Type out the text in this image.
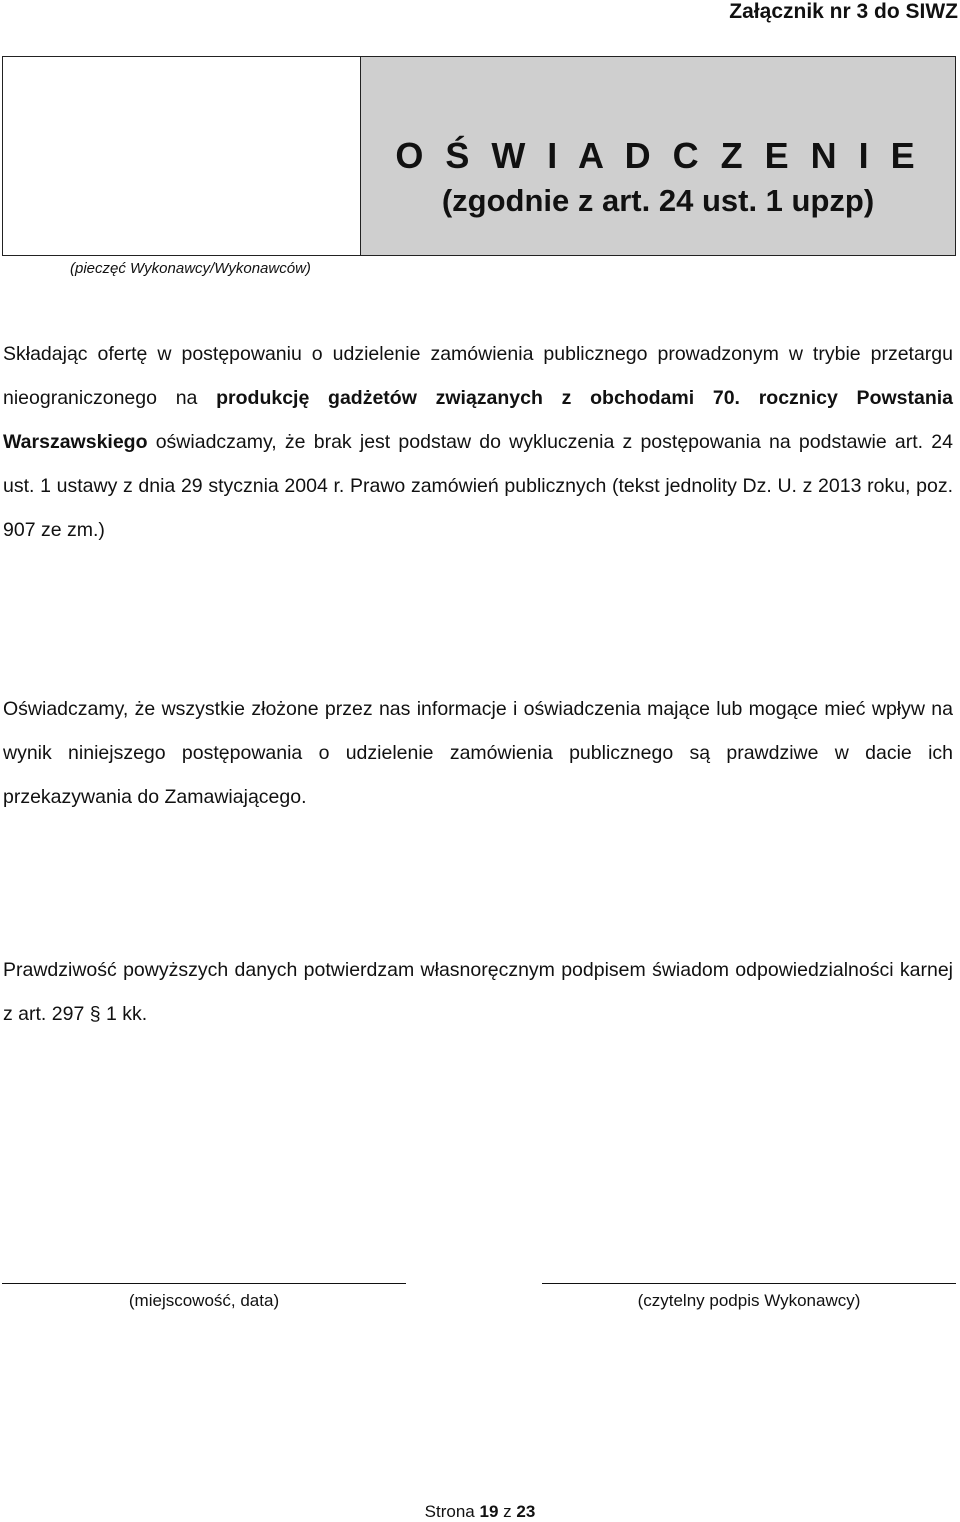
Załącznik nr 3 do SIWZ
O Ś W I A D C Z E N I E
(zgodnie z art. 24 ust. 1 upzp)
(pieczęć Wykonawcy/Wykonawców)
Składając ofertę w postępowaniu o udzielenie zamówienia publicznego prowadzonym w trybie przetargu nieograniczonego na produkcję gadżetów związanych z obchodami 70. rocznicy Powstania Warszawskiego oświadczamy, że brak jest podstaw do wykluczenia z postępowania na podstawie art. 24 ust. 1 ustawy z dnia 29 stycznia 2004 r. Prawo zamówień publicznych (tekst jednolity Dz. U. z 2013 roku, poz. 907 ze zm.)
Oświadczamy, że wszystkie złożone przez nas informacje i oświadczenia mające lub mogące mieć wpływ na wynik niniejszego postępowania o udzielenie zamówienia publicznego są prawdziwe w dacie ich przekazywania do Zamawiającego.
Prawdziwość powyższych danych potwierdzam własnoręcznym podpisem świadom odpowiedzialności karnej z art. 297 § 1 kk.
(miejscowość, data)	(czytelny podpis Wykonawcy)
Strona 19 z 23
